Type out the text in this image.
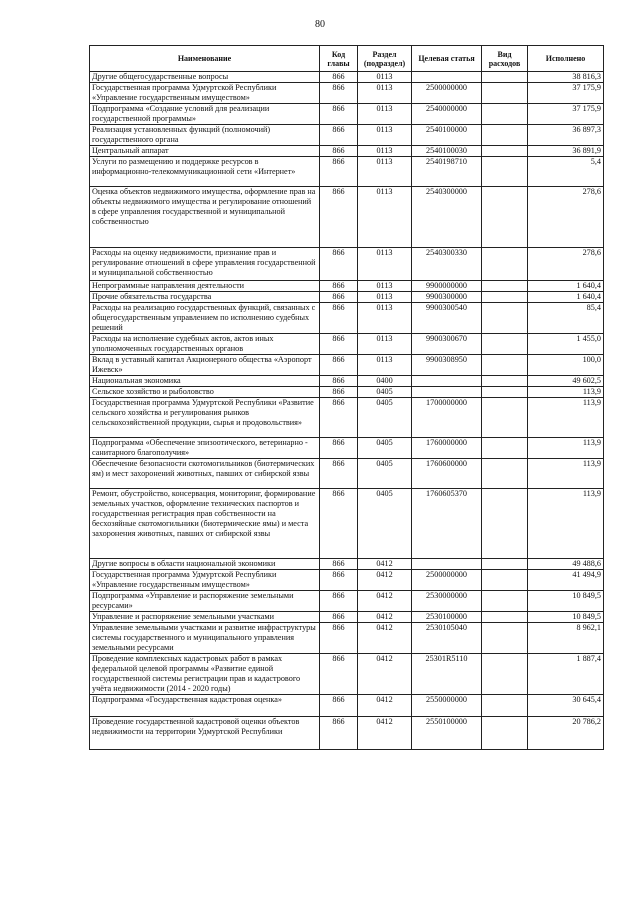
80
Наименование	Код главы	Раздел (подраздел)	Целевая статья	Вид расходов	Исполнено
Другие общегосударственные вопросы	866	0113			38 816,3
Государственная программа Удмуртской Республики «Управление государственным имуществом»	866	0113	2500000000		37 175,9
Подпрограмма «Создание условий для реализации государственной программы»	866	0113	2540000000		37 175,9
Реализация установленных функций (полномочий) государственного органа	866	0113	2540100000		36 897,3
Центральный аппарат	866	0113	2540100030		36 891,9
Услуги по размещению и поддержке ресурсов в информационно-телекоммуникационной сети «Интернет»	866	0113	2540198710		5,4
Оценка объектов недвижимого имущества, оформление прав на объекты недвижимого имущества и регулирование отношений в сфере управления государственной и муниципальной собственностью	866	0113	2540300000		278,6
Расходы на оценку недвижимости, признание прав и регулирование отношений в сфере управления государственной и муниципальной собственностью	866	0113	2540300330		278,6
Непрограммные направления деятельности	866	0113	9900000000		1 640,4
Прочие обязательства государства	866	0113	9900300000		1 640,4
Расходы на реализацию государственных функций, связанных с общегосударственным управлением по исполнению судебных решений	866	0113	9900300540		85,4
Расходы на исполнение судебных актов, актов иных уполномоченных государственных органов	866	0113	9900300670		1 455,0
Вклад в уставный капитал Акционерного общества «Аэропорт Ижевск»	866	0113	9900308950		100,0
Национальная экономика	866	0400			49 602,5
Сельское хозяйство и рыболовство	866	0405			113,9
Государственная программа Удмуртской Республики «Развитие сельского хозяйства и регулирования рынков сельскохозяйственной продукции, сырья и продовольствия»	866	0405	1700000000		113,9
Подпрограмма «Обеспечение эпизоотического, ветеринарно - санитарного благополучия»	866	0405	1760000000		113,9
Обеспечение безопасности скотомогильников (биотермических ям) и мест захоронений животных, павших от сибирской язвы	866	0405	1760600000		113,9
Ремонт, обустройство, консервация, мониторинг, формирование земельных участков, оформление технических паспортов и государственная регистрация прав собственности на бесхозяйные скотомогильники (биотермические ямы) и места захоронения животных, павших от сибирской язвы	866	0405	1760605370		113,9
Другие вопросы в области национальной экономики	866	0412			49 488,6
Государственная программа Удмуртской Республики «Управление государственным имуществом»	866	0412	2500000000		41 494,9
Подпрограмма «Управление и распоряжение земельными ресурсами»	866	0412	2530000000		10 849,5
Управление и распоряжение земельными участками	866	0412	2530100000		10 849,5
Управление земельными участками и развитие инфраструктуры системы государственного и муниципального управления земельными ресурсами	866	0412	2530105040		8 962,1
Проведение комплексных кадастровых работ в рамках федеральной целевой программы «Развитие единой государственной системы регистрации прав и кадастрового учёта недвижимости (2014 - 2020 годы)	866	0412	25301R5110		1 887,4
Подпрограмма «Государственная кадастровая оценка»	866	0412	2550000000		30 645,4
Проведение государственной кадастровой оценки объектов недвижимости на территории Удмуртской Республики	866	0412	2550100000		20 786,2
